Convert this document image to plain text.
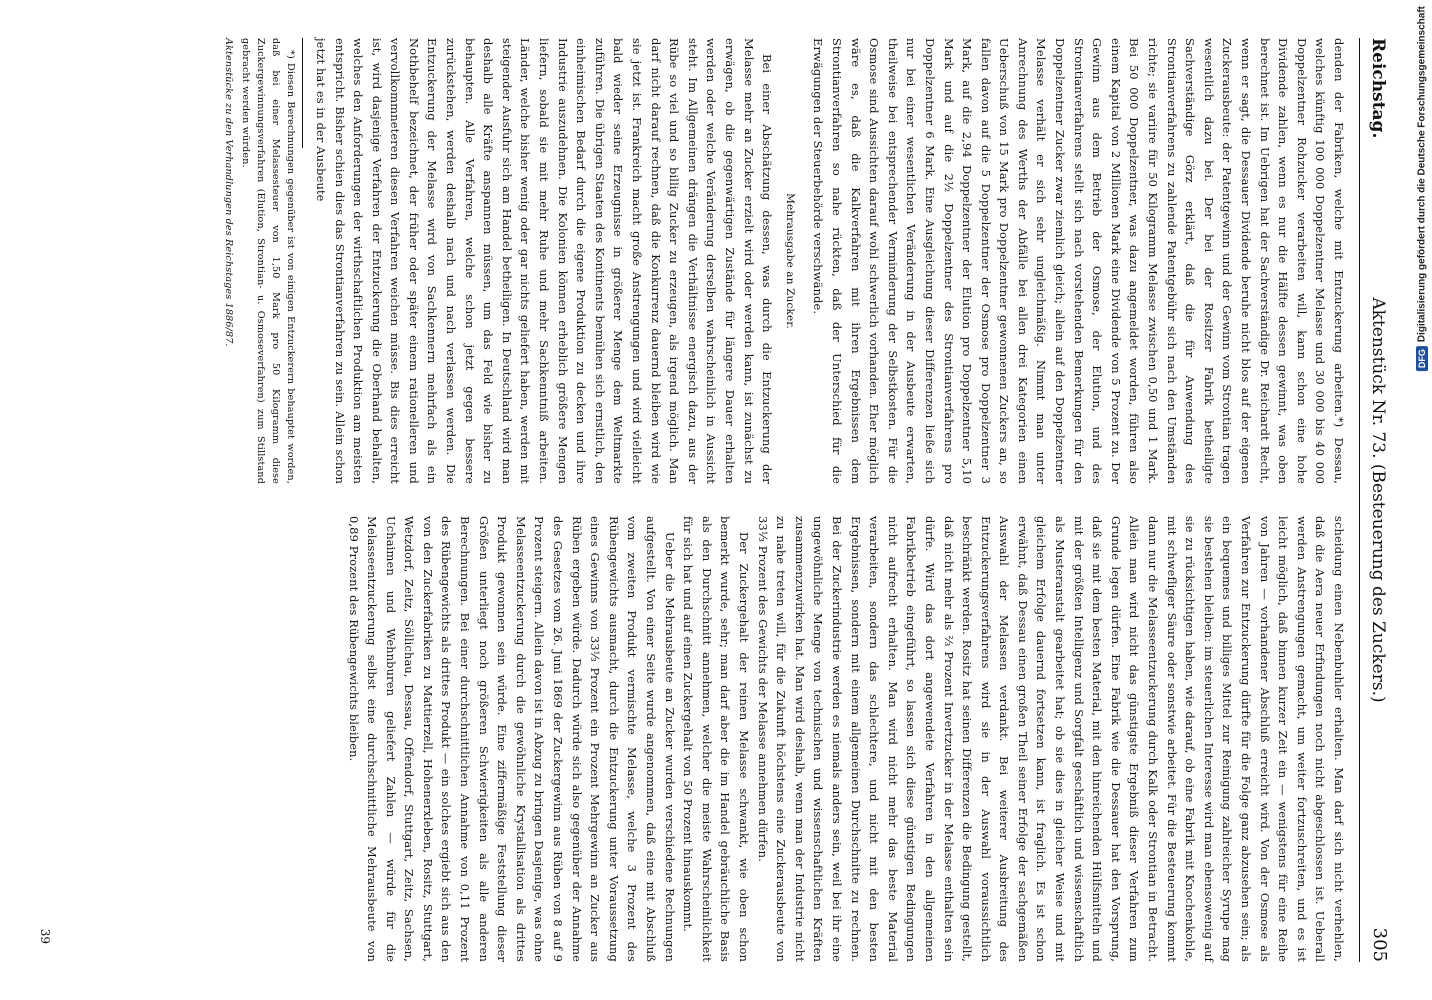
Reichstag.
Aktenstück Nr. 73. (Besteuerung des Zuckers.)
305

denden der Fabriken, welche mit Entzuckerung arbeiten.*) Dessau, welches künftig 100 000 Doppelzentner Melasse und 30 000 bis 40 000 Doppelzentner Rohzucker verarbeiten will, kann schon eine hohe Dividende zahlen, wenn es nur die Hälfte dessen gewinnt, was oben berechnet ist. Im Uebrigen hat der Sachverständige Dr. Reichardt Recht, wenn er sagt, die Dessauer Dividende beruhe nicht blos auf der eigenen Zuckerausbeute: der Patentgewinn und der Gewinn vom Strontian tragen wesentlich dazu bei. Der bei der Rositzer Fabrik betheiligte Sachverständige Görz erklärt, daß die für Anwendung des Strontianverfahrens zu zahlende Patentgebühr sich nach den Umständen richte; sie variire für 50 Kilogramm Melasse zwischen 0,50 und 1 Mark. Bei 50 000 Doppelzentner, was dazu angemeldet worden, führen also einem Kapital von 2 Millionen Mark eine Dividende von 5 Prozent zu. Der Gewinn aus dem Betrieb der Osmose, der Elution, und des Strontianverfahrens stellt sich nach vorstehenden Bemerkungen für den Doppelzentner Zucker zwar ziemlich gleich; allein auf den Doppelzentner Melasse verhält er sich sehr ungleichmäßig. Nimmt man unter Anrechnung des Werths der Abfälle bei allen drei Kategorien einen Ueberschuß von 15 Mark pro Doppelzentner gewonnenen Zuckers an, so fallen davon auf die 5 Doppelzentner der Osmose pro Doppelzentner 3 Mark, auf die 2,94 Doppelzentner der Elution pro Doppelzentner 5,10 Mark und auf die 2½ Doppelzentner des Strontianverfahrens pro Doppelzentner 6 Mark. Eine Ausgleichung dieser Differenzen ließe sich nur bei einer wesentlichen Veränderung in der Ausbeute erwarten, theilweise bei entsprechender Verminderung der Selbstkosten. Für die Osmose sind Aussichten darauf wohl schwerlich vorhanden. Eher möglich wäre es, daß die Kalkverfahren mit ihren Ergebnissen dem Strontianverfahren so nahe rückten, daß der Unterschied für die Erwägungen der Steuerbehörde verschwände.

Mehrausgabe an Zucker.

Bei einer Abschätzung dessen, was durch die Entzuckerung der Melasse mehr an Zucker erzielt wird oder werden kann, ist zunächst zu erwägen, ob die gegenwärtigen Zustände für längere Dauer erhalten werden oder welche Veränderung derselben wahrscheinlich in Aussicht steht. Im Allgemeinen drängen die Verhältnisse energisch dazu, aus der Rübe so viel und so billig Zucker zu erzeugen, als irgend möglich. Man darf nicht darauf rechnen, daß die Konkurrenz dauernd bleiben wird wie sie jetzt ist. Frankreich macht große Anstrengungen und wird vielleicht bald wieder seine Erzeugnisse in größerer Menge dem Weltmarkte zuführen. Die übrigen Staaten des Kontinents bemühen sich ernstlich, den einheimischen Bedarf durch die eigene Produktion zu decken und ihre Industrie auszudehnen. Die Kolonien können erheblich größere Mengen liefern, sobald sie mit mehr Ruhe und mehr Sachkenntniß arbeiten. Länder, welche bisher wenig oder gar nichts geliefert haben, werden mit steigender Ausfuhr sich am Handel betheiligen. In Deutschland wird man deshalb alle Kräfte anspannen müssen, um das Feld wie bisher zu behaupten. Alle Verfahren, welche schon jetzt gegen bessere zurückstehen, werden deshalb nach und nach verlassen werden. Die Entzuckerung der Melasse wird von Sachkennern mehrfach als ein Nothbehelf bezeichnet, der früher oder später einem rationelleren und vervollkommneteren diesen Verfahren weichen müsse. Bis dies erreicht ist, wird dasjenige Verfahren der Entzuckerung die Oberhand behalten, welches den Anforderungen der wirthschaftlichen Produktion am meisten entspricht. Bisher schien dies das Strontianverfahren zu sein. Allein schon jetzt hat es in der Ausbeute

*) Diesen Berechnungen gegenüber ist von einigen Entzuckerern behauptet worden, daß bei einer Melassesteuer von 1,50 Mark pro 50 Kilogramm diese Zuckergewinnungsverfahren (Elution, Strontian- u. Osmoseverfahren) zum Stillstand gebracht werden würden.

Aktenstücke zu den Verhandlungen des Reichstages 1886/87.

scheidung einen Nebenbuhler erhalten. Man darf sich nicht verhehlen, daß die Aera neuer Erfindungen noch nicht abgeschlossen ist. Ueberall werden Anstrengungen gemacht, um weiter fortzuschreiten, und es ist leicht möglich, daß binnen kurzer Zeit ein — wenigstens für eine Reihe von Jahren — vorhandener Abschluß erreicht wird. Von der Osmose als Verfahren zur Entzuckerung dürfte für die Folge ganz abzusehen sein; als ein bequemes und billiges Mittel zur Reinigung zahlreicher Syrupe mag sie bestehen bleiben: im steuerlichen Interesse wird man ebensowenig auf sie zu rücksichtigen haben, wie darauf, ob eine Fabrik mit Knochenkohle, mit schwefliger Säure oder sonstwie arbeitet. Für die Besteuerung kommt dann nur die Melasseentzuckerung durch Kalk oder Strontian in Betracht. Allein man wird nicht das günstigste Ergebniß dieser Verfahren zum Grunde legen dürfen. Eine Fabrik wie die Dessauer hat den Vorsprung, daß sie mit dem besten Material, mit den hinreichenden Hülfsmitteln und mit der größten Intelligenz und Sorgfalt geschäftlich und wissenschaftlich als Musteranstalt gearbeitet hat; ob sie dies in gleicher Weise und mit gleichem Erfolge dauernd fortsetzen kann, ist fraglich. Es ist schon erwähnt, daß Dessau einen großen Theil seiner Erfolge der sachgemäßen Auswahl der Melassen verdankt. Bei weiterer Ausbreitung des Entzuckerungsverfahrens wird sie in der Auswahl voraussichtlich beschränkt werden. Rositz hat seinen Differenzen die Bedingung gestellt, daß nicht mehr als ⅔ Prozent Invertzucker in der Melasse enthalten sein dürfe. Wird das dort angewendete Verfahren in den allgemeinen Fabrikbetrieb eingeführt, so lassen sich diese günstigen Bedingungen nicht aufrecht erhalten. Man wird nicht mehr das beste Material verarbeiten, sondern das schlechtere, und nicht mit den besten Ergebnissen, sondern mit einem allgemeinen Durchschnitte zu rechnen. Bei der Zuckerindustrie werden es niemals anders sein, weil bei ihr eine ungewöhnliche Menge von technischen und wissenschaftlichen Kräften zusammenzuwirken hat. Man wird deshalb, wenn man der Industrie nicht zu nahe treten will, für die Zukunft höchstens eine Zuckerausbeute von 33⅓ Prozent des Gewichts der Melasse annehmen dürfen.

Der Zuckergehalt der reinen Melasse schwankt, wie oben schon bemerkt wurde, sehr; man darf aber die im Handel gebräuchliche Basis als den Durchschnitt annehmen, welcher die meiste Wahrscheinlichkeit für sich hat und auf einen Zuckergehalt von 50 Prozent hinauskommt.

Ueber die Mehrausbeute an Zucker wurden verschiedene Rechnungen aufgestellt. Von einer Seite wurde angenommen, daß eine mit Abschluß vom zweiten Produkt vermischte Melasse, welche 3 Prozent des Rübengewichts ausmacht, durch die Entzuckerung unter Voraussetzung eines Gewinns von 33⅓ Prozent ein Prozent Mehrgewinn an Zucker aus Rüben ergeben würde. Dadurch würde sich also gegenüber der Annahme des Gesetzes vom 26. Juni 1869 der Zuckergewinn aus Rüben von 8 auf 9 Prozent steigern. Allein davon ist in Abzug zu bringen Dasjenige, was ohne Melasseentzuckerung durch die gewöhnliche Krystallisation als drittes Produkt gewonnen sein würde. Eine ziffermäßige Feststellung dieser Größen unterliegt noch größeren Schwierigkeiten als alle anderen Berechnungen. Bei einer durchschnittlichen Annahme von 0,11 Prozent des Rübengewichts als drittes Produkt — ein solches ergiebt sich aus den von den Zuckerfabriken zu Mattierzell, Hohenerxleben, Rositz, Stuttgart, Wetzdorf, Zeitz, Söllichau, Dessau, Offendorf, Stuttgart, Zeitz, Sachsen, Uchaimen und Wehnburen geliefert Zahlen — würde für die Melasseentzuckerung selbst eine durchschnittliche Mehrausbeute von 0,89 Prozent des Rübengewichts bleiben.

39
DFG
Digitalisierung gefördert durch die Deutsche Forschungsgemeinschaft
